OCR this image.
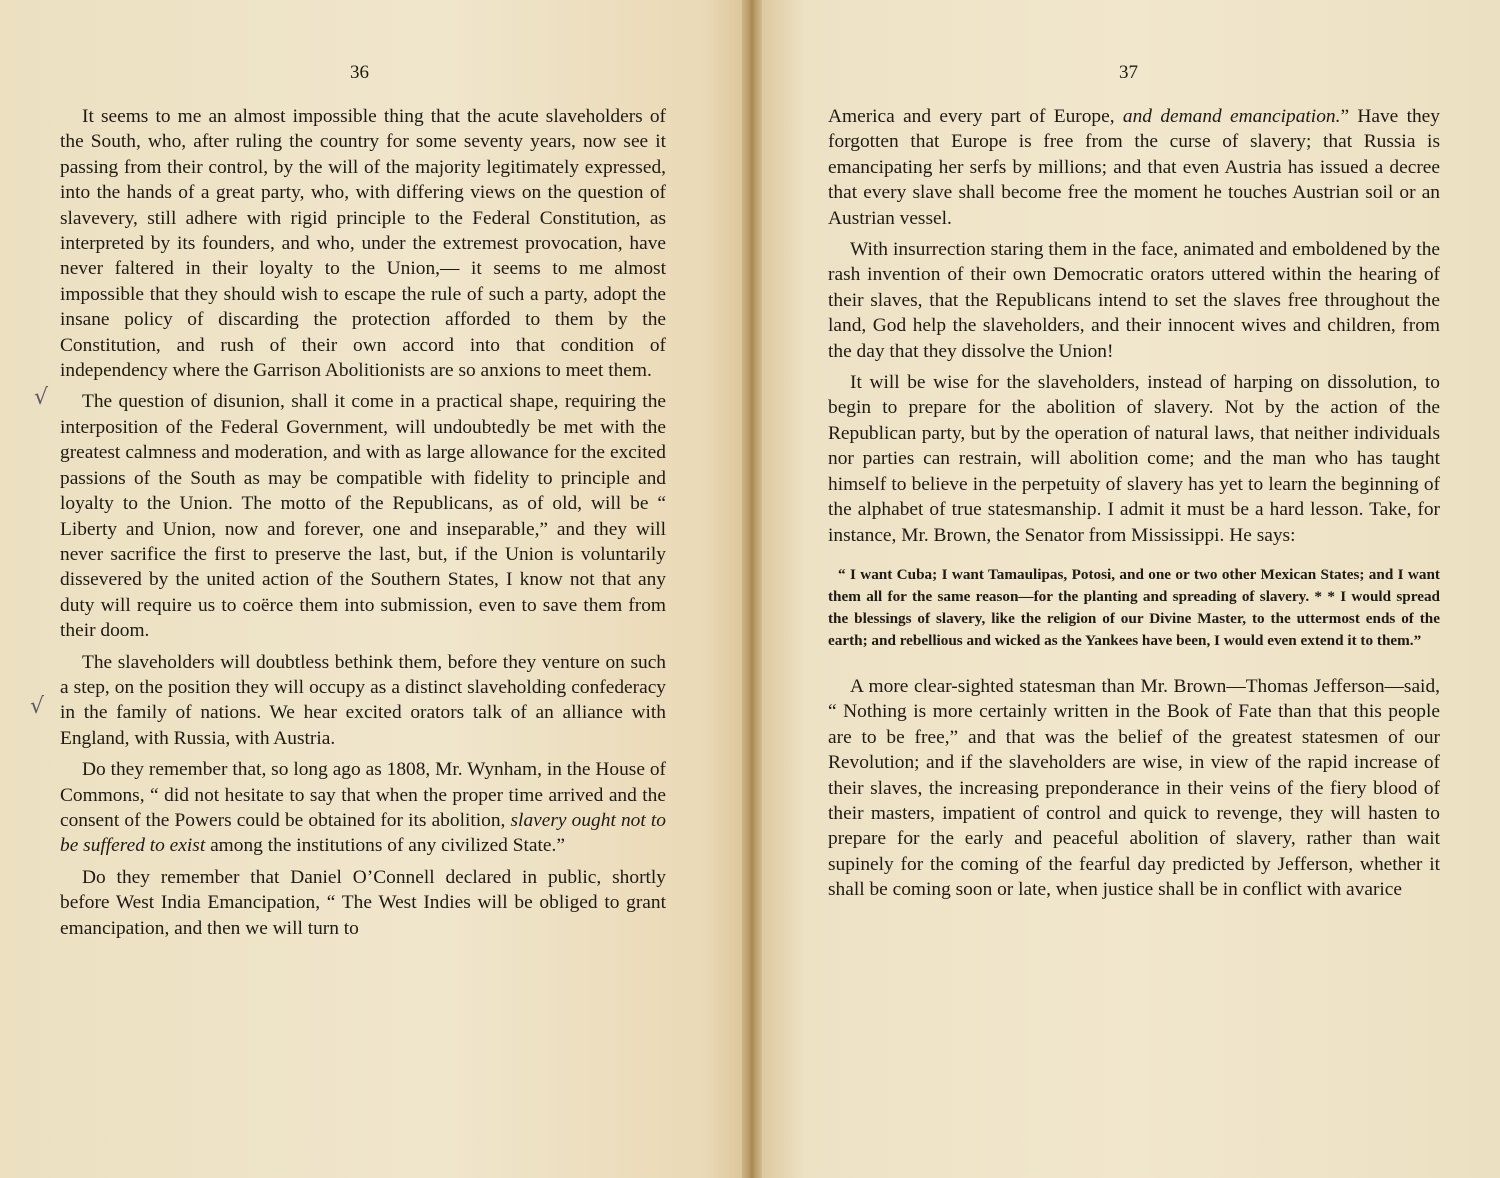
36

It seems to me an almost impossible thing that the acute slaveholders of the South, who, after ruling the country for some seventy years, now see it passing from their control, by the will of the majority legitimately expressed, into the hands of a great party, who, with differing views on the question of slavevery, still adhere with rigid principle to the Federal Constitution, as interpreted by its founders, and who, under the extremest provocation, have never faltered in their loyalty to the Union,— it seems to me almost impossible that they should wish to escape the rule of such a party, adopt the insane policy of discarding the protection afforded to them by the Constitution, and rush of their own accord into that condition of independency where the Garrison Abolitionists are so anxions to meet them.

The question of disunion, shall it come in a practical shape, requiring the interposition of the Federal Government, will undoubtedly be met with the greatest calmness and moderation, and with as large allowance for the excited passions of the South as may be compatible with fidelity to principle and loyalty to the Union. The motto of the Republicans, as of old, will be “ Liberty and Union, now and forever, one and inseparable,” and they will never sacrifice the first to preserve the last, but, if the Union is voluntarily dissevered by the united action of the Southern States, I know not that any duty will require us to coërce them into submission, even to save them from their doom.

The slaveholders will doubtless bethink them, before they venture on such a step, on the position they will occupy as a distinct slaveholding confederacy in the family of nations. We hear excited orators talk of an alliance with England, with Russia, with Austria.

Do they remember that, so long ago as 1808, Mr. Wynham, in the House of Commons, “ did not hesitate to say that when the proper time arrived and the consent of the Powers could be obtained for its abolition, slavery ought not to be suffered to exist among the institutions of any civilized State.”

Do they remember that Daniel O’Connell declared in public, shortly before West India Emancipation, “ The West Indies will be obliged to grant emancipation, and then we will turn to

√
√
37

America and every part of Europe, and demand emancipation.” Have they forgotten that Europe is free from the curse of slavery; that Russia is emancipating her serfs by millions; and that even Austria has issued a decree that every slave shall become free the moment he touches Austrian soil or an Austrian vessel.

With insurrection staring them in the face, animated and emboldened by the rash invention of their own Democratic orators uttered within the hearing of their slaves, that the Republicans intend to set the slaves free throughout the land, God help the slaveholders, and their innocent wives and children, from the day that they dissolve the Union!

It will be wise for the slaveholders, instead of harping on dissolution, to begin to prepare for the abolition of slavery. Not by the action of the Republican party, but by the operation of natural laws, that neither individuals nor parties can restrain, will abolition come; and the man who has taught himself to believe in the perpetuity of slavery has yet to learn the beginning of the alphabet of true statesmanship. I admit it must be a hard lesson. Take, for instance, Mr. Brown, the Senator from Mississippi. He says:

“ I want Cuba; I want Tamaulipas, Potosi, and one or two other Mexican States; and I want them all for the same reason—for the planting and spreading of slavery. * * I would spread the blessings of slavery, like the religion of our Divine Master, to the uttermost ends of the earth; and rebellious and wicked as the Yankees have been, I would even extend it to them.”

A more clear-sighted statesman than Mr. Brown—Thomas Jefferson—said, “ Nothing is more certainly written in the Book of Fate than that this people are to be free,” and that was the belief of the greatest statesmen of our Revolution; and if the slaveholders are wise, in view of the rapid increase of their slaves, the increasing preponderance in their veins of the fiery blood of their masters, impatient of control and quick to revenge, they will hasten to prepare for the early and peaceful abolition of slavery, rather than wait supinely for the coming of the fearful day predicted by Jefferson, whether it shall be coming soon or late, when justice shall be in conflict with avarice
